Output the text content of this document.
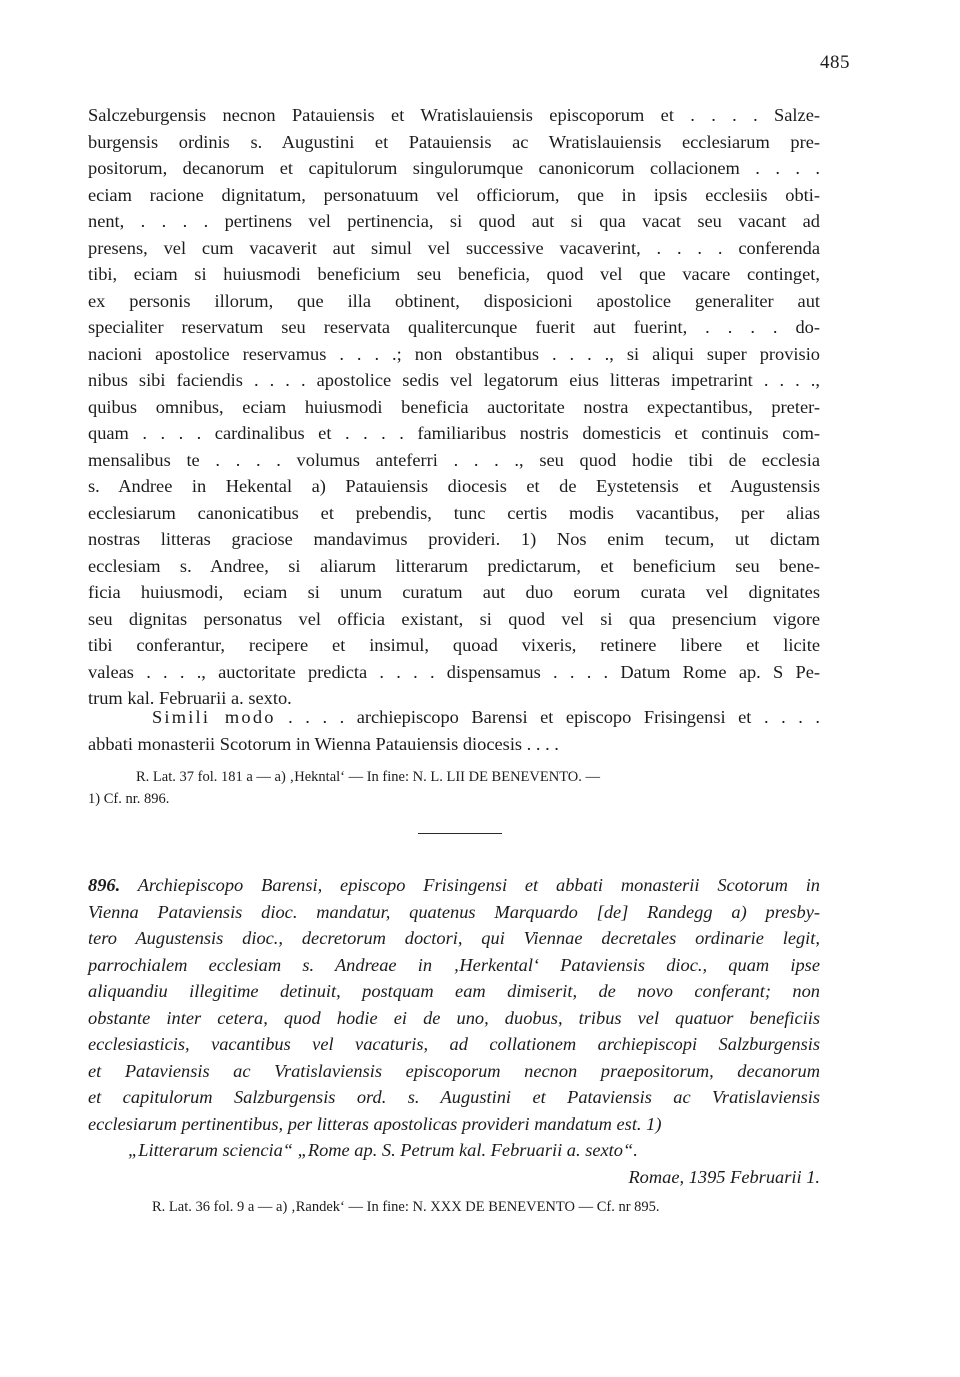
485
Salczeburgensis necnon Patauiensis et Wratislauiensis episcoporum et . . . . Salze-
burgensis ordinis s. Augustini et Patauiensis ac Wratislauiensis ecclesiarum pre-
positorum, decanorum et capitulorum singulorumque canonicorum collacionem . . . .
eciam racione dignitatum, personatuum vel officiorum, que in ipsis ecclesiis obti-
nent, . . . . pertinens vel pertinencia, si quod aut si qua vacat seu vacant ad
presens, vel cum vacaverit aut simul vel successive vacaverint, . . . . conferenda
tibi, eciam si huiusmodi beneficium seu beneficia, quod vel que vacare continget,
ex personis illorum, que illa obtinent, disposicioni apostolice generaliter aut
specialiter reservatum seu reservata qualitercunque fuerit aut fuerint, . . . . do-
nacioni apostolice reservamus . . . .; non obstantibus . . . ., si aliqui super provisio
nibus sibi faciendis . . . . apostolice sedis vel legatorum eius litteras impetrarint . . . .,
quibus omnibus, eciam huiusmodi beneficia auctoritate nostra expectantibus, preter-
quam . . . . cardinalibus et . . . . familiaribus nostris domesticis et continuis com-
mensalibus te . . . . volumus anteferri . . . ., seu quod hodie tibi de ecclesia
s. Andree in Hekental a) Patauiensis diocesis et de Eystetensis et Augustensis
ecclesiarum canonicatibus et prebendis, tunc certis modis vacantibus, per alias
nostras litteras graciose mandavimus provideri. 1) Nos enim tecum, ut dictam
ecclesiam s. Andree, si aliarum litterarum predictarum, et beneficium seu bene-
ficia huiusmodi, eciam si unum curatum aut duo eorum curata vel dignitates
seu dignitas personatus vel officia existant, si quod vel si qua presencium vigore
tibi conferantur, recipere et insimul, quoad vixeris, retinere libere et licite
valeas . . . ., auctoritate predicta . . . . dispensamus . . . . Datum Rome ap. S Pe-
trum kal. Februarii a. sexto.
Simili modo . . . . archiepiscopo Barensi et episcopo Frisingensi et . . . .
abbati monasterii Scotorum in Wienna Patauiensis diocesis . . . .
R. Lat. 37 fol. 181 a — a) ‚Hekntal‘ — In fine: N. L. LII DE BENEVENTO. —
1) Cf. nr. 896.
896. Archiepiscopo Barensi, episcopo Frisingensi et abbati monasterii Scotorum in
Vienna Pataviensis dioc. mandatur, quatenus Marquardo [de] Randegg a) presby-
tero Augustensis dioc., decretorum doctori, qui Viennae decretales ordinarie legit,
parrochialem ecclesiam s. Andreae in ‚Herkental‘ Pataviensis dioc., quam ipse
aliquandiu illegitime detinuit, postquam eam dimiserit, de novo conferant; non
obstante inter cetera, quod hodie ei de uno, duobus, tribus vel quatuor beneficiis
ecclesiasticis, vacantibus vel vacaturis, ad collationem archiepiscopi Salzburgensis
et Pataviensis ac Vratislaviensis episcoporum necnon praepositorum, decanorum
et capitulorum Salzburgensis ord. s. Augustini et Pataviensis ac Vratislaviensis
ecclesiarum pertinentibus, per litteras apostolicas provideri mandatum est. 1)
„Litterarum sciencia“ „Rome ap. S. Petrum kal. Februarii a. sexto“.
Romae, 1395 Februarii 1.
R. Lat. 36 fol. 9 a — a) ‚Randek‘ — In fine: N. XXX DE BENEVENTO — Cf. nr 895.
